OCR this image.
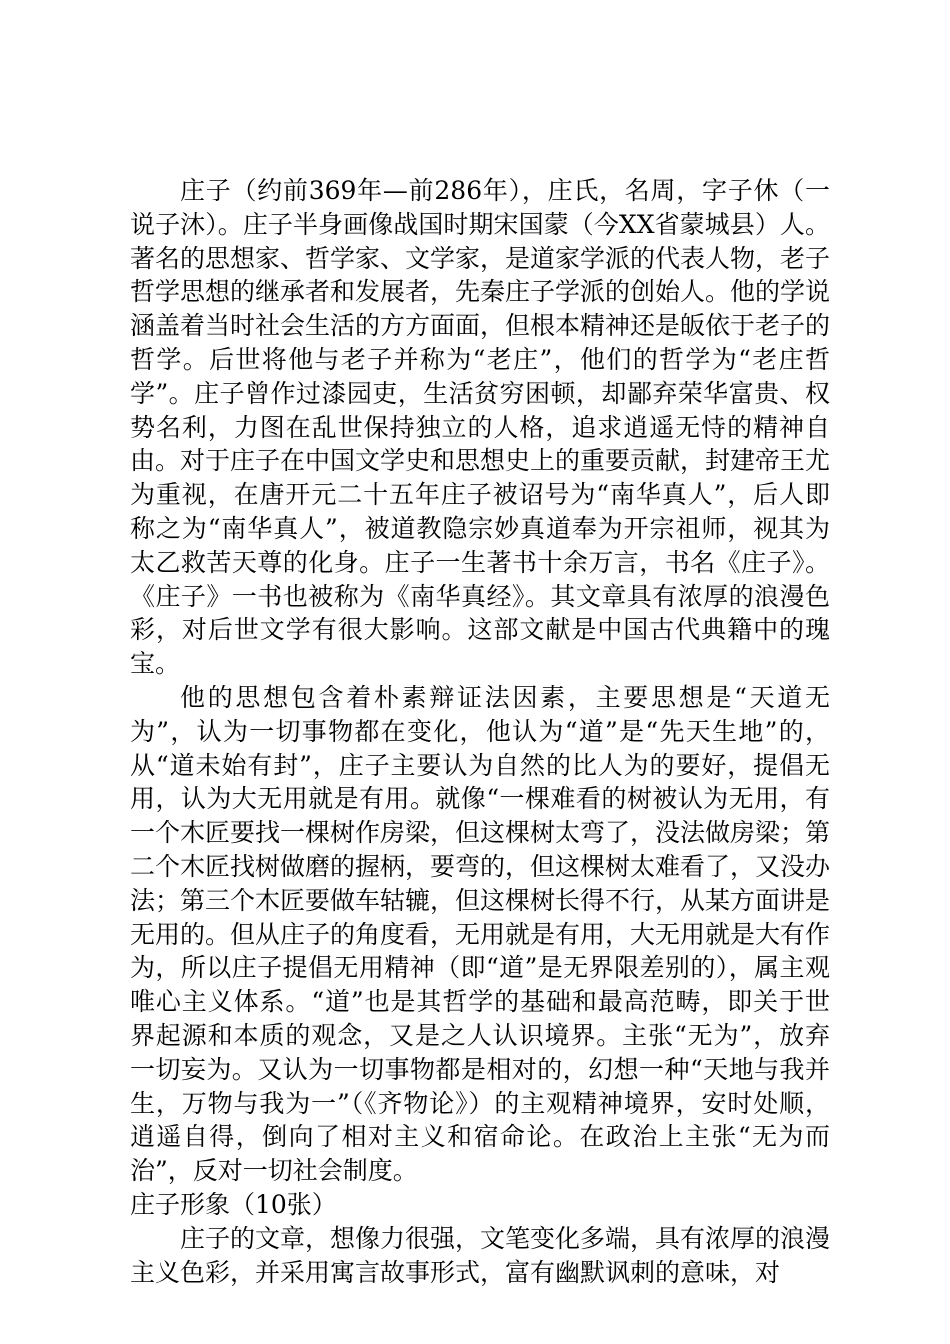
庄子（约前369年—前286年），庄氏，名周，字子休（一说子沐）。庄子半身画像战国时期宋国蒙（今XX省蒙城县）人。著名的思想家、哲学家、文学家，是道家学派的代表人物，老子哲学思想的继承者和发展者，先秦庄子学派的创始人。他的学说涵盖着当时社会生活的方方面面，但根本精神还是皈依于老子的哲学。后世将他与老子并称为“老庄”，他们的哲学为“老庄哲学”。庄子曾作过漆园吏，生活贫穷困顿，却鄙弃荣华富贵、权势名利，力图在乱世保持独立的人格，追求逍遥无恃的精神自由。对于庄子在中国文学史和思想史上的重要贡献，封建帝王尤为重视，在唐开元二十五年庄子被诏号为“南华真人”，后人即称之为“南华真人”，被道教隐宗妙真道奉为开宗祖师，视其为太乙救苦天尊的化身。庄子一生著书十余万言，书名《庄子》。《庄子》一书也被称为《南华真经》。其文章具有浓厚的浪漫色彩，对后世文学有很大影响。这部文献是中国古代典籍中的瑰宝。

他的思想包含着朴素辩证法因素，主要思想是“天道无为”，认为一切事物都在变化，他认为“道”是“先天生地”的，从“道未始有封”，庄子主要认为自然的比人为的要好，提倡无用，认为大无用就是有用。就像“一棵难看的树被认为无用，有一个木匠要找一棵树作房梁，但这棵树太弯了，没法做房梁；第二个木匠找树做磨的握柄，要弯的，但这棵树太难看了，又没办法；第三个木匠要做车轱辘，但这棵树长得不行，从某方面讲是无用的。但从庄子的角度看，无用就是有用，大无用就是大有作为，所以庄子提倡无用精神（即“道”是无界限差别的），属主观唯心主义体系。“道”也是其哲学的基础和最高范畴，即关于世界起源和本质的观念，又是之人认识境界。主张“无为”，放弃一切妄为。又认为一切事物都是相对的，幻想一种“天地与我并生，万物与我为一”（《齐物论》）的主观精神境界，安时处顺，逍遥自得，倒向了相对主义和宿命论。在政治上主张“无为而治”，反对一切社会制度。

庄子形象（10张）

庄子的文章，想像力很强，文笔变化多端，具有浓厚的浪漫主义色彩，并采用寓言故事形式，富有幽默讽刺的意味，对
